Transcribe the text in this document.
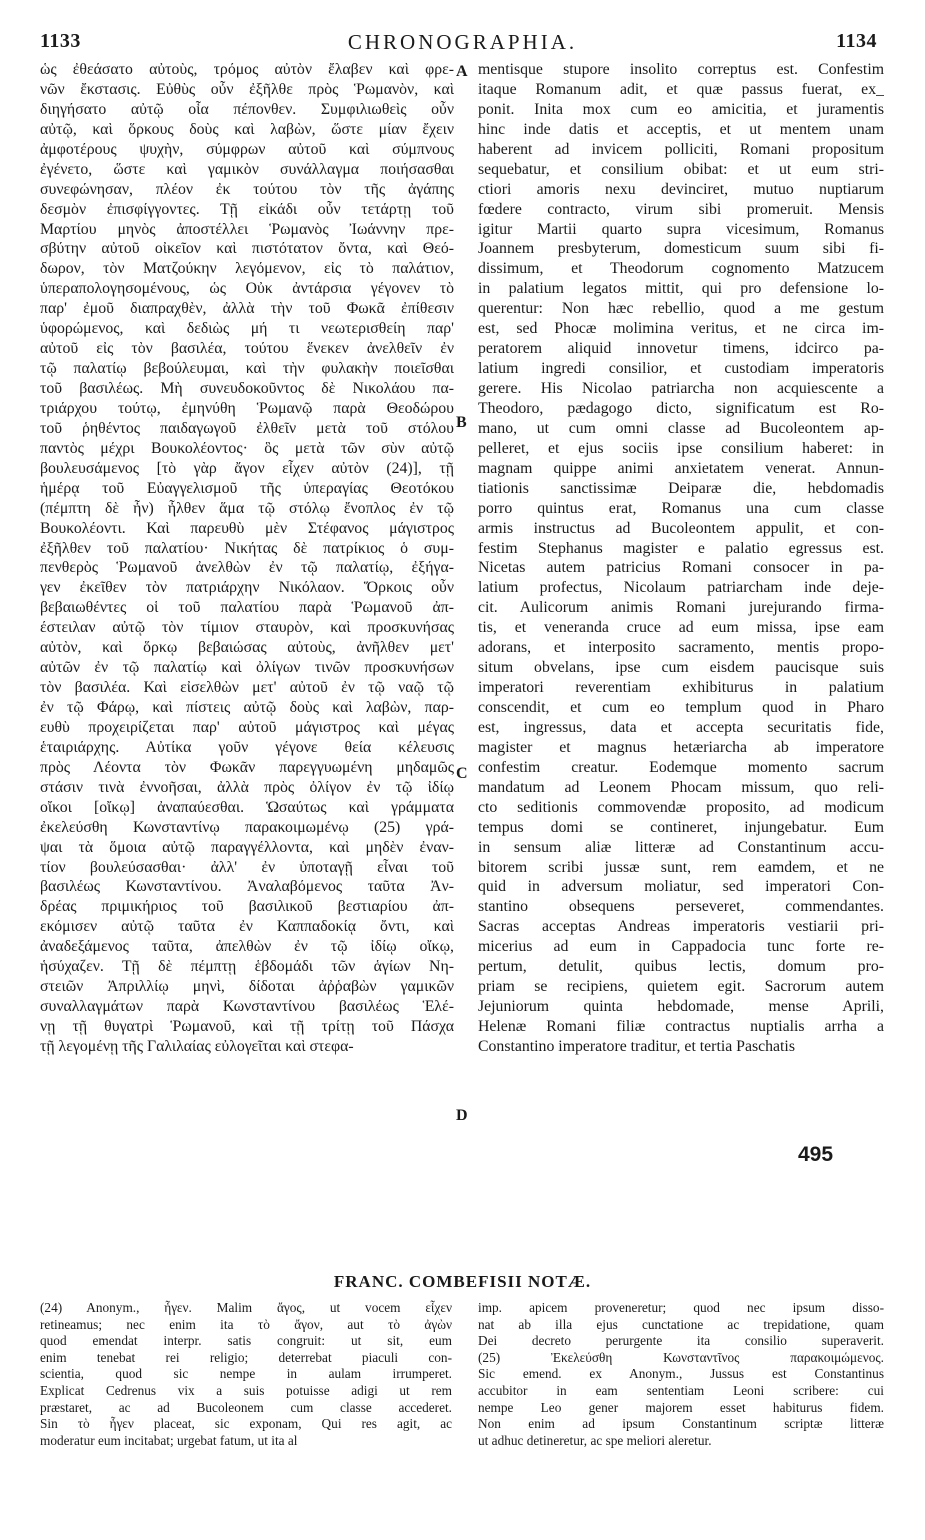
1133	CHRONOGRAPHIA.	1134
ὡς ἐθεάσατο αὐτοὺς, τρόμος αὐτὸν ἔλαβεν καὶ φρε-
νῶν ἔκστασις. Εὐθὺς οὖν ἐξῆλθε πρὸς Ῥωμανὸν, καὶ
διηγήσατο αὐτῷ οἷα πέπονθεν. Συμφιλιωθεὶς οὖν
αὐτῷ, καὶ ὅρκους δοὺς καὶ λαβὼν, ὥστε μίαν ἔχειν
ἀμφοτέρους ψυχὴν, σύμφρων αὐτοῦ καὶ σύμπνους
ἐγένετο, ὥστε καὶ γαμικὸν συνάλλαγμα ποιήσασθαι
συνεφώνησαν, πλέον ἐκ τούτου τὸν τῆς ἀγάπης
δεσμὸν ἐπισφίγγοντες. Τῇ εἰκάδι οὖν τετάρτῃ τοῦ
Μαρτίου μηνὸς ἀποστέλλει Ῥωμανὸς Ἰωάννην πρε-
σβύτην αὐτοῦ οἰκεῖον καὶ πιστότατον ὄντα, καὶ Θεό-
δωρον, τὸν Ματζούκην λεγόμενον, εἰς τὸ παλάτιον,
ὑπεραπολογησομένους, ὡς Οὐκ ἀντάρσια γέγονεν τὸ
παρ' ἐμοῦ διαπραχθὲν, ἀλλὰ τὴν τοῦ Φωκᾶ ἐπίθεσιν
ὑφορώμενος, καὶ δεδιὼς μή τι νεωτερισθείη παρ'
αὐτοῦ εἰς τὸν βασιλέα, τούτου ἕνεκεν ἀνελθεῖν ἐν
τῷ παλατίῳ βεβούλευμαι, καὶ τὴν φυλακὴν ποιεῖσθαι
τοῦ βασιλέως. Μὴ συνευδοκοῦντος δὲ Νικολάου πα-
τριάρχου τούτῳ, ἐμηνύθη Ῥωμανῷ παρὰ Θεοδώρου
τοῦ ῥηθέντος παιδαγωγοῦ ἐλθεῖν μετὰ τοῦ στόλου
παντὸς μέχρι Βουκολέοντος· ὃς μετὰ τῶν σὺν αὐτῷ
βουλευσάμενος [τὸ γὰρ ἄγον εἶχεν αὐτὸν (24)], τῇ
ἡμέρᾳ τοῦ Εὐαγγελισμοῦ τῆς ὑπεραγίας Θεοτόκου
(πέμπτη δὲ ἦν) ἦλθεν ἅμα τῷ στόλῳ ἔνοπλος ἐν τῷ
Βουκολέοντι. Καὶ παρευθὺ μὲν Στέφανος μάγιστρος
ἐξῆλθεν τοῦ παλατίου· Νικήτας δὲ πατρίκιος ὁ συμ-
πενθερὸς Ῥωμανοῦ ἀνελθὼν ἐν τῷ παλατίῳ, ἐξήγα-
γεν ἐκεῖθεν τὸν πατριάρχην Νικόλαον. Ὅρκοις οὖν
βεβαιωθέντες οἱ τοῦ παλατίου παρὰ Ῥωμανοῦ ἀπ-
έστειλαν αὐτῷ τὸν τίμιον σταυρὸν, καὶ προσκυνήσας
αὐτὸν, καὶ ὅρκῳ βεβαιώσας αὐτοὺς, ἀνῆλθεν μετ'
αὐτῶν ἐν τῷ παλατίῳ καὶ ὀλίγων τινῶν προσκυνήσων
τὸν βασιλέα. Καὶ εἰσελθὼν μετ' αὐτοῦ ἐν τῷ ναῷ τῷ
ἐν τῷ Φάρῳ, καὶ πίστεις αὐτῷ δοὺς καὶ λαβὼν, παρ-
ευθὺ προχειρίζεται παρ' αὐτοῦ μάγιστρος καὶ μέγας
ἑταιριάρχης. Αὐτίκα γοῦν γέγονε θεία κέλευσις
πρὸς Λέοντα τὸν Φωκᾶν παρεγγυωμένη μηδαμῶς
στάσιν τινὰ ἐννοῆσαι, ἀλλὰ πρὸς ὀλίγον ἐν τῷ ἰδίῳ
οἴκοι [οἴκῳ] ἀναπαύεσθαι. Ὡσαύτως καὶ γράμματα
ἐκελεύσθη Κωνσταντίνῳ παρακοιμωμένῳ (25) γρά-
ψαι τὰ ὅμοια αὐτῷ παραγγέλλοντα, καὶ μηδὲν ἐναν-
τίον βουλεύσασθαι· ἀλλ' ἐν ὑποταγῇ εἶναι τοῦ
βασιλέως Κωνσταντίνου. Ἀναλαβόμενος ταῦτα Ἀν-
δρέας πριμικήριος τοῦ βασιλικοῦ βεστιαρίου ἀπ-
εκόμισεν αὐτῷ ταῦτα ἐν Καππαδοκίᾳ ὄντι, καὶ
ἀναδεξάμενος ταῦτα, ἀπελθὼν ἐν τῷ ἰδίῳ οἴκῳ,
ἡσύχαζεν. Τῇ δὲ πέμπτῃ ἑβδομάδι τῶν ἁγίων Νη-
στειῶν Ἀπριλλίῳ μηνὶ, δίδοται ἀῤῥαβὼν γαμικῶν
συναλλαγμάτων παρὰ Κωνσταντίνου βασιλέως Ἑλέ-
νῃ τῇ θυγατρὶ Ῥωμανοῦ, καὶ τῇ τρίτῃ τοῦ Πάσχα
τῇ λεγομένῃ τῆς Γαλιλαίας εὐλογεῖται καὶ στεφα-
mentisque stupore insolito correptus est. Confestim
itaque Romanum adit, et quæ passus fuerat, ex_
ponit. Inita mox cum eo amicitia, et juramentis
hinc inde datis et acceptis, et ut mentem unam
haberent ad invicem polliciti, Romani propositum
sequebatur, et consilium obibat: et ut eum stri-
ctiori amoris nexu devinciret, mutuo nuptiarum
fœdere contracto, virum sibi promeruit. Mensis
igitur Martii quarto supra vicesimum, Romanus
Joannem presbyterum, domesticum suum sibi fi-
dissimum, et Theodorum cognomento Matzucem
in palatium legatos mittit, qui pro defensione lo-
querentur: Non hæc rebellio, quod a me gestum
est, sed Phocæ molimina veritus, et ne circa im-
peratorem aliquid innovetur timens, idcirco pa-
latium ingredi consilior, et custodiam imperatoris
gerere. His Nicolao patriarcha non acquiescente a
Theodoro, pædagogo dicto, significatum est Ro-
mano, ut cum omni classe ad Bucoleontem ap-
pelleret, et ejus sociis ipse consilium haberet: in
magnam quippe animi anxietatem venerat. Annun-
tiationis sanctissimæ Deiparæ die, hebdomadis
porro quintus erat, Romanus una cum classe
armis instructus ad Bucoleontem appulit, et con-
festim Stephanus magister e palatio egressus est.
Nicetas autem patricius Romani consocer in pa-
latium profectus, Nicolaum patriarcham inde deje-
cit. Aulicorum animis Romani jurejurando firma-
tis, et veneranda cruce ad eum missa, ipse eam
adorans, et interposito sacramento, mentis propo-
situm obvelans, ipse cum eisdem paucisque suis
imperatori reverentiam exhibiturus in palatium
conscendit, et cum eo templum quod in Pharo
est, ingressus, data et accepta securitatis fide,
magister et magnus hetæriarcha ab imperatore
confestim creatur. Eodemque momento sacrum
mandatum ad Leonem Phocam missum, quo reli-
cto seditionis commovendæ proposito, ad modicum
tempus domi se contineret, injungebatur. Eum
in sensum aliæ litteræ ad Constantinum accu-
bitorem scribi jussæ sunt, rem eamdem, et ne
quid in adversum moliatur, sed imperatori Con-
stantino obsequens perseveret, commendantes.
Sacras acceptas Andreas imperatoris vestiarii pri-
micerius ad eum in Cappadocia tunc forte re-
pertum, detulit, quibus lectis, domum pro-
priam se recipiens, quietem egit. Sacrorum autem
Jejuniorum quinta hebdomade, mense Aprili,
Helenæ Romani filiæ contractus nuptialis arrha a
Constantino imperatore traditur, et tertia Paschatis
A
B
C
D
495
FRANC. COMBEFISII NOTÆ.
(24) Anonym., ἦγεν. Malim ἄγος, ut vocem εἶχεν
retineamus; nec enim ita τὸ ἄγον, aut τὸ ἀγὼν
quod emendat interpr. satis congruit: ut sit, eum
enim tenebat rei religio; deterrebat piaculi con-
scientia, quod sic nempe in aulam irrumperet.
Explicat Cedrenus vix a suis potuisse adigi ut rem
præstaret, ac ad Bucoleonem cum classe accederet.
Sin τὸ ἦγεν placeat, sic exponam, Qui res agit, ac
moderatur eum incitabat; urgebat fatum, ut ita al
imp. apicem proveneretur; quod nec ipsum disso-
nat ab illa ejus cunctatione ac trepidatione, quam
Dei decreto perurgente ita consilio superaverit.
(25) Ἐκελεύσθη Κωνσταντῖνος παρακοιμώμενος.
Sic emend. ex Anonym., Jussus est Constantinus
accubitor in eam sententiam Leoni scribere: cui
nempe Leo gener majorem esset habiturus fidem.
Non enim ad ipsum Constantinum scriptæ litteræ
ut adhuc detineretur, ac spe meliori aleretur.
